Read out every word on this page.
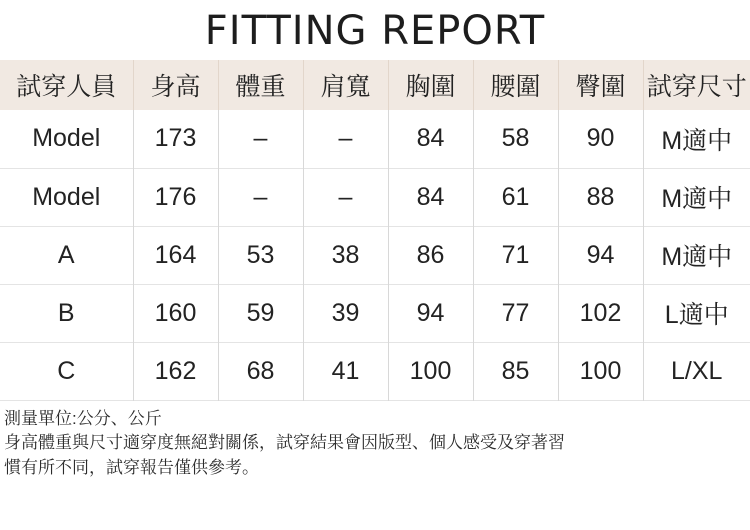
FITTING REPORT
試穿人員	身高	體重	肩寬	胸圍	腰圍	臀圍	試穿尺寸
Model	173	–	–	84	58	90	M適中
Model	176	–	–	84	61	88	M適中
A	164	53	38	86	71	94	M適中
B	160	59	39	94	77	102	L適中
C	162	68	41	100	85	100	L/XL
測量單位:公分、公斤
身高體重與尺寸適穿度無絕對關係，試穿結果會因版型、個人感受及穿著習
慣有所不同，試穿報告僅供參考。
